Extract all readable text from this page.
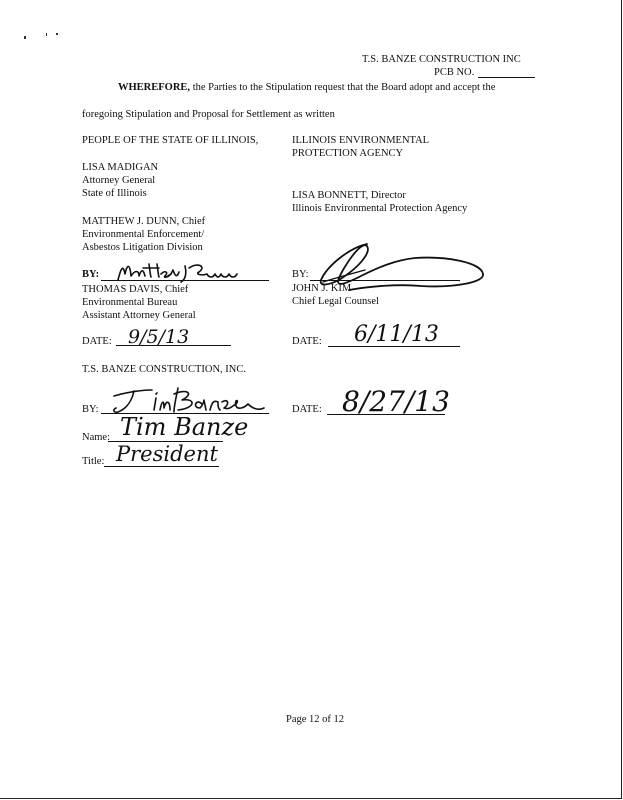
T.S. BANZE CONSTRUCTION INC
PCB NO.
WHEREFORE, the Parties to the Stipulation request that the Board adopt and accept the
foregoing Stipulation and Proposal for Settlement as written
PEOPLE OF THE STATE OF ILLINOIS,
LISA MADIGAN
Attorney General
State of Illinois
MATTHEW J. DUNN, Chief
Environmental Enforcement/
Asbestos Litigation Division
BY:
THOMAS DAVIS, Chief
Environmental Bureau
Assistant Attorney General
DATE: 9/5/13
T.S. BANZE CONSTRUCTION, INC.
BY:
Name: Tim Banze
Title: President
ILLINOIS ENVIRONMENTAL
PROTECTION AGENCY
LISA BONNETT, Director
Illinois Environmental Protection Agency
BY:
JOHN J. KIM
Chief Legal Counsel
DATE: 6/11/13
DATE: 8/27/13
Page 12 of 12
